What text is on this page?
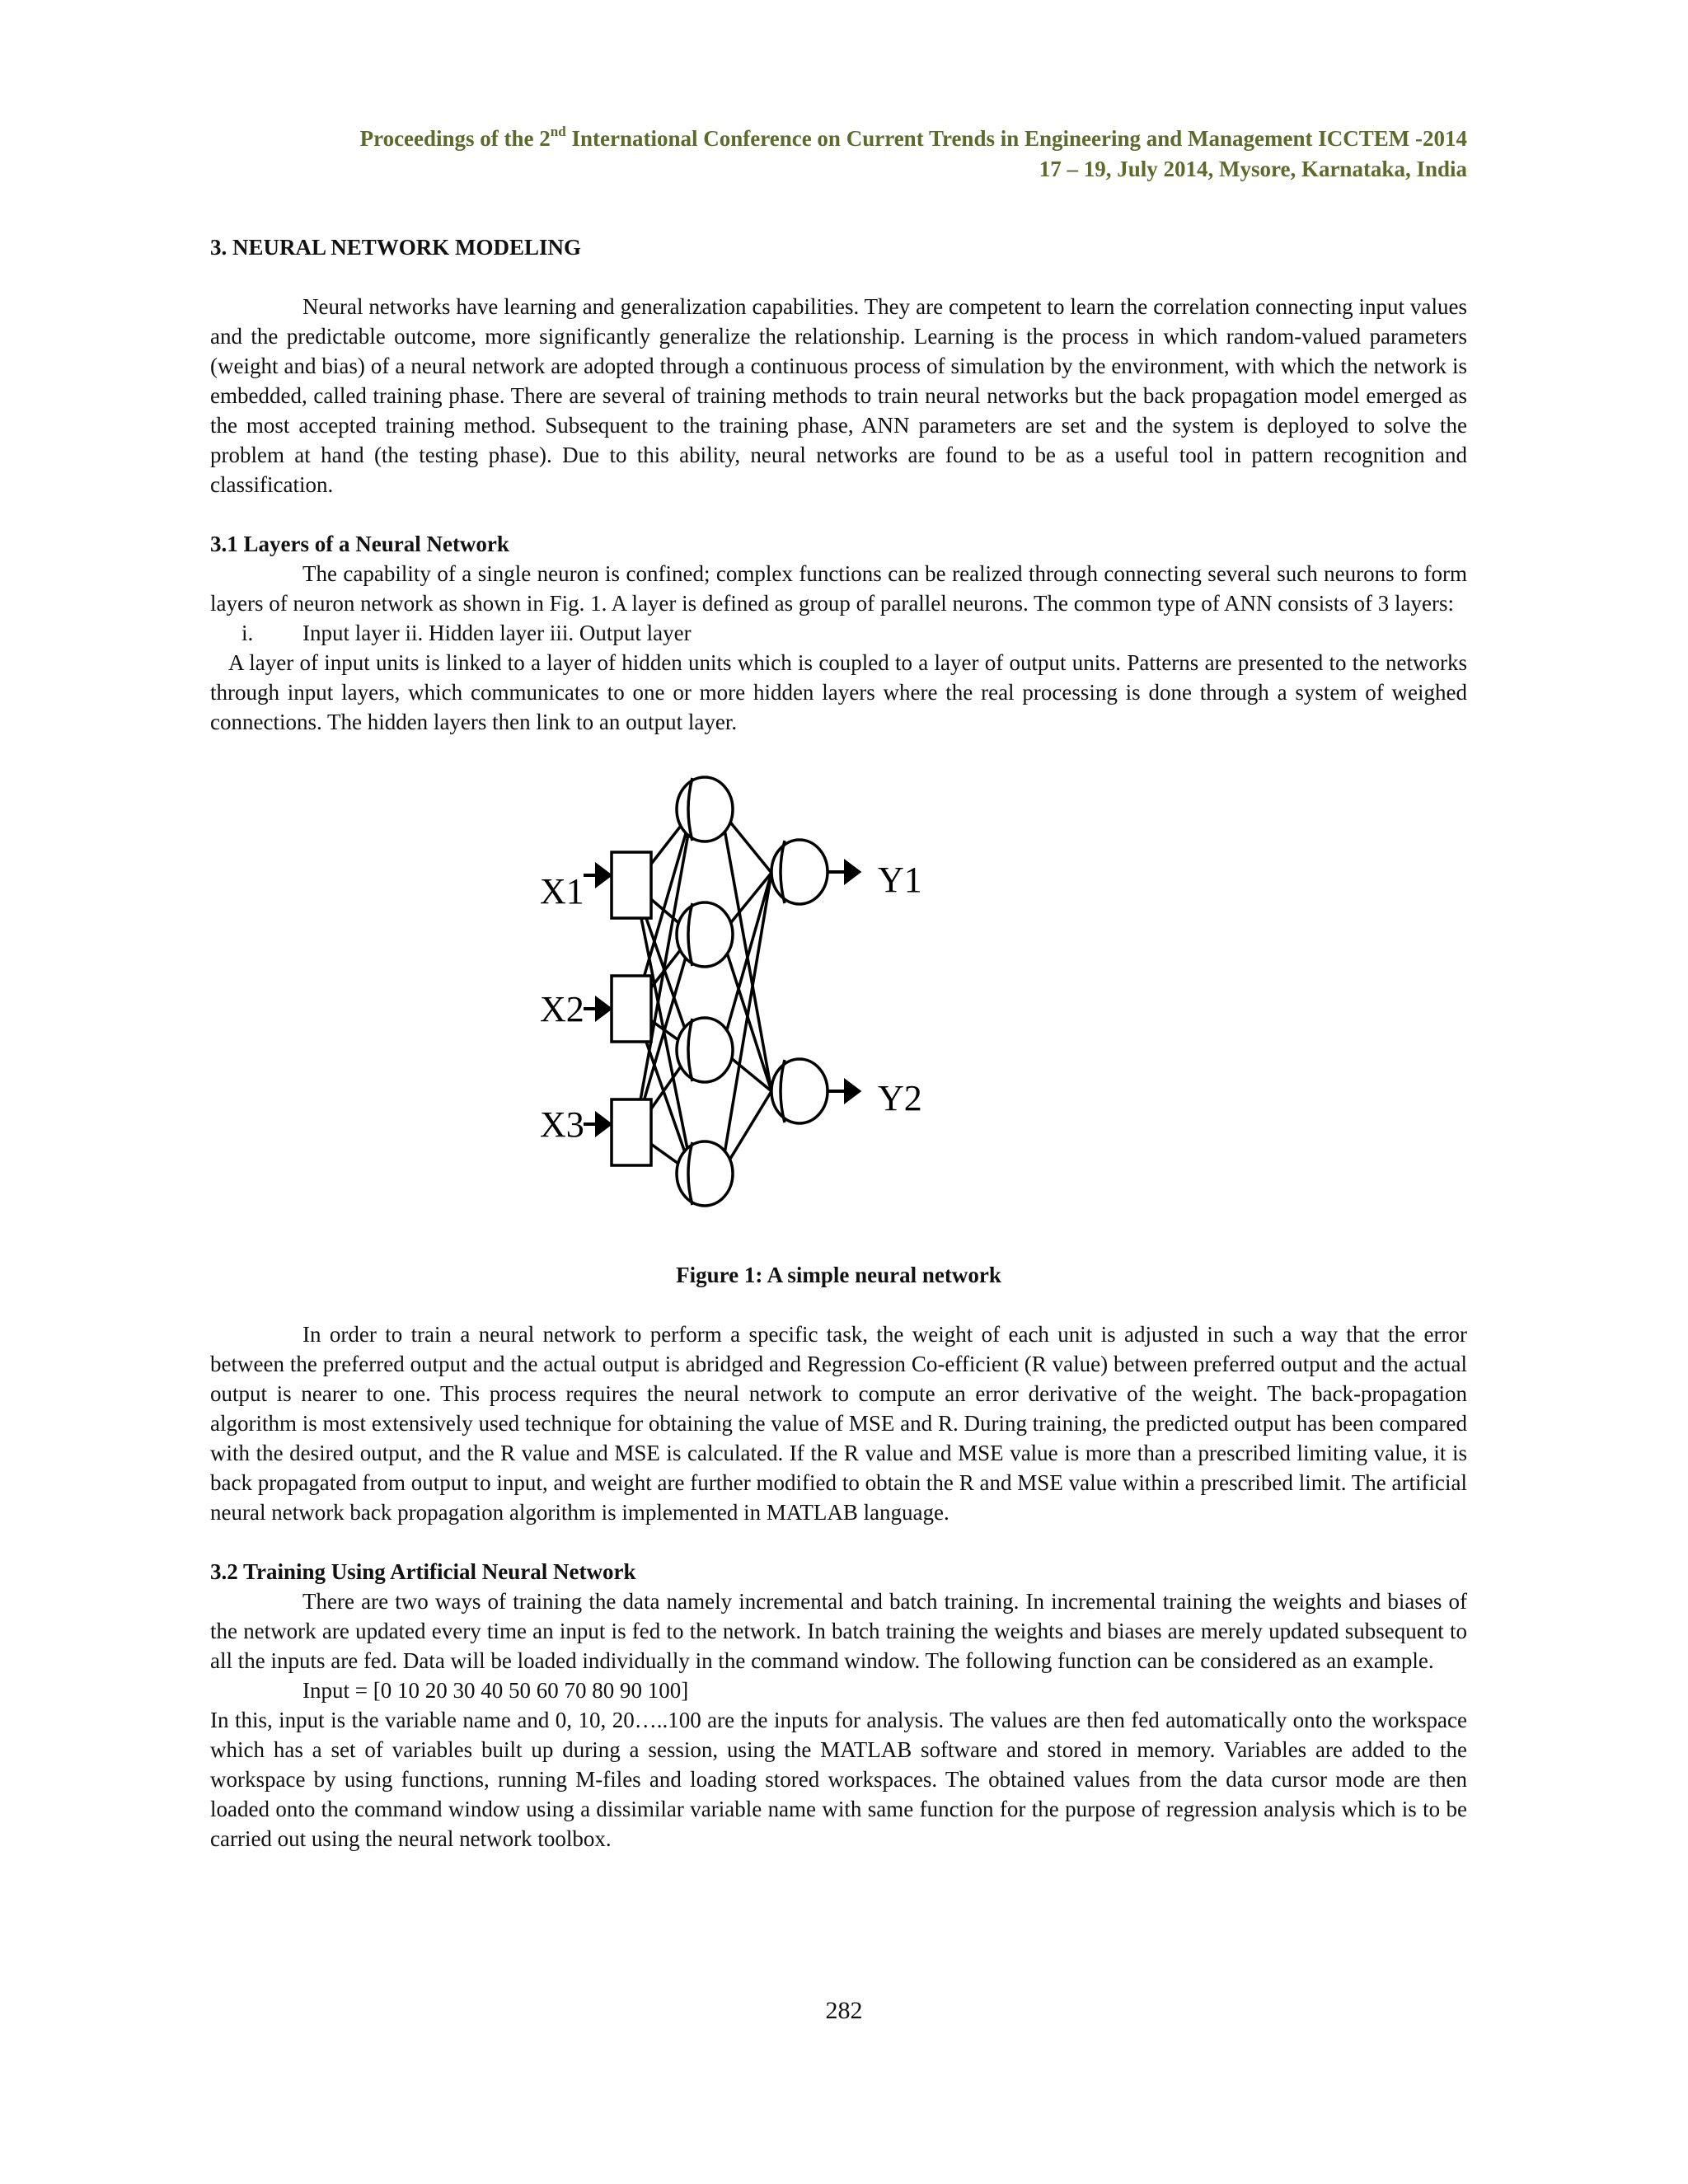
Proceedings of the 2nd International Conference on Current Trends in Engineering and Management ICCTEM -2014
17 – 19, July 2014, Mysore, Karnataka, India
3. NEURAL NETWORK MODELING

Neural networks have learning and generalization capabilities. They are competent to learn the correlation connecting input values and the predictable outcome, more significantly generalize the relationship. Learning is the process in which random-valued parameters (weight and bias) of a neural network are adopted through a continuous process of simulation by the environment, with which the network is embedded, called training phase. There are several of training methods to train neural networks but the back propagation model emerged as the most accepted training method. Subsequent to the training phase, ANN parameters are set and the system is deployed to solve the problem at hand (the testing phase). Due to this ability, neural networks are found to be as a useful tool in pattern recognition and classification.

3.1 Layers of a Neural Network

The capability of a single neuron is confined; complex functions can be realized through connecting several such neurons to form layers of neuron network as shown in Fig. 1. A layer is defined as group of parallel neurons. The common type of ANN consists of 3 layers:

i. Input layer ii. Hidden layer iii. Output layer

A layer of input units is linked to a layer of hidden units which is coupled to a layer of output units. Patterns are presented to the networks through input layers, which communicates to one or more hidden layers where the real processing is done through a system of weighed connections. The hidden layers then link to an output layer.

X1
X2
X3
Y1
Y2
Figure 1: A simple neural network

In order to train a neural network to perform a specific task, the weight of each unit is adjusted in such a way that the error between the preferred output and the actual output is abridged and Regression Co-efficient (R value) between preferred output and the actual output is nearer to one. This process requires the neural network to compute an error derivative of the weight. The back-propagation algorithm is most extensively used technique for obtaining the value of MSE and R. During training, the predicted output has been compared with the desired output, and the R value and MSE is calculated. If the R value and MSE value is more than a prescribed limiting value, it is back propagated from output to input, and weight are further modified to obtain the R and MSE value within a prescribed limit. The artificial neural network back propagation algorithm is implemented in MATLAB language.

3.2 Training Using Artificial Neural Network

There are two ways of training the data namely incremental and batch training. In incremental training the weights and biases of the network are updated every time an input is fed to the network. In batch training the weights and biases are merely updated subsequent to all the inputs are fed. Data will be loaded individually in the command window. The following function can be considered as an example.

Input = [0 10 20 30 40 50 60 70 80 90 100]

In this, input is the variable name and 0, 10, 20…..100 are the inputs for analysis. The values are then fed automatically onto the workspace which has a set of variables built up during a session, using the MATLAB software and stored in memory. Variables are added to the workspace by using functions, running M-files and loading stored workspaces. The obtained values from the data cursor mode are then loaded onto the command window using a dissimilar variable name with same function for the purpose of regression analysis which is to be carried out using the neural network toolbox.

282
